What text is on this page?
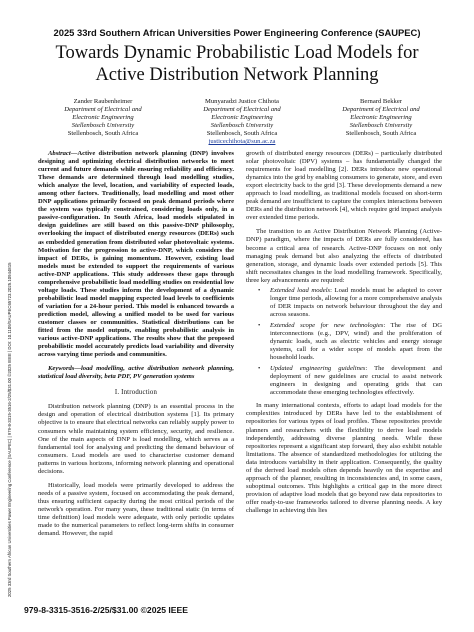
2025 33rd Southern African Universities Power Engineering Conference (SAUPEC) | 979-8-3315-3516-2/25/$31.00 ©2025 IEEE | DOI: 10.1109/SAUPEC65723.2025.10944815
2025 33rd Southern African Universities Power Engineering Conference (SAUPEC)
Towards Dynamic Probabilistic Load Models for
Active Distribution Network Planning
Zander Raubenheimer
Department of Electrical and
Electronic Engineering
Stellenbosch University
Stellenbosch, South Africa
Munyaradzi Justice Chihota
Department of Electrical and
Electronic Engineering
Stellenbosch University
Stellenbosch, South Africa
justicechihota@sun.ac.za
Bernard Bekker
Department of Electrical and
Electronic Engineering
Stellenbosch University
Stellenbosch, South Africa

Abstract—Active distribution network planning (DNP) involves designing and optimizing electrical distribution networks to meet current and future demands while ensuring reliability and efficiency. These demands are determined through load modelling studies, which analyze the level, location, and variability of expected loads, among other factors. Traditionally, load modelling and most other DNP applications primarily focused on peak demand periods where the system was typically constrained, considering loads only, in a passive-configuration. In South Africa, load models stipulated in design guidelines are still based on this passive-DNP philosophy, overlooking the impact of distributed energy resources (DERs) such as embedded generation from distributed solar photovoltaic systems. Motivation for the progression to active-DNP, which considers the impact of DERs, is gaining momentum. However, existing load models must be extended to support the requirements of various active-DNP applications. This study addresses these gaps through comprehensive probabilistic load modelling studies on residential low voltage loads. These studies inform the development of a dynamic probabilistic load model mapping expected load levels to coefficients of variation for a 24-hour period. This model is enhanced towards a prediction model, allowing a unified model to be used for various customer classes or communities. Statistical distributions can be fitted from the model outputs, enabling probabilistic analysis in various active-DNP applications. The results show that the proposed probabilistic model accurately predicts load variability and diversity across varying time periods and communities.

Keywords—load modelling, active distribution network planning, statistical load diversity, beta PDF, PV generation systems

I. Introduction

Distribution network planning (DNP) is an essential process in the design and operation of electrical distribution systems [1]. Its primary objective is to ensure that electrical networks can reliably supply power to consumers while maintaining system efficiency, security, and resilience. One of the main aspects of DNP is load modelling, which serves as a fundamental tool for analysing and predicting the demand behaviour of consumers. Load models are used to characterise customer demand patterns in various horizons, informing network planning and operational decisions.

Historically, load models were primarily developed to address the needs of a passive system, focused on accommodating the peak demand, thus ensuring sufficient capacity during the most critical periods of the network's operation. For many years, these traditional static (in terms of time definition) load models were adequate, with only periodic updates made to the numerical parameters to reflect long-term shifts in consumer demand. However, the rapid

growth of distributed energy resources (DERs) – particularly distributed solar photovoltaic (DPV) systems – has fundamentally changed the requirements for load modelling [2]. DERs introduce new operational dynamics into the grid by enabling consumers to generate, store, and even export electricity back to the grid [3]. These developments demand a new approach to load modelling, as traditional models focused on short-term peak demand are insufficient to capture the complex interactions between DERs and the distribution network [4], which require grid impact analysis over extended time periods.

The transition to an Active Distribution Network Planning (Active-DNP) paradigm, where the impacts of DERs are fully considered, has become a critical area of research. Active-DNP focuses on not only managing peak demand but also analyzing the effects of distributed generation, storage, and dynamic loads over extended periods [5]. This shift necessitates changes in the load modelling framework. Specifically, three key advancements are required:

• Extended load models: Load models must be adapted to cover longer time periods, allowing for a more comprehensive analysis of DER impacts on network behaviour throughout the day and across seasons.
• Extended scope for new technologies: The rise of DG interconnections (e.g., DPV, wind) and the proliferation of dynamic loads, such as electric vehicles and energy storage systems, call for a wider scope of models apart from the household loads.
• Updated engineering guidelines: The development and deployment of new guidelines are crucial to assist network engineers in designing and operating grids that can accommodate these emerging technologies effectively.

In many international contexts, efforts to adapt load models for the complexities introduced by DERs have led to the establishment of repositories for various types of load profiles. These repositories provide planners and researchers with the flexibility to derive load models independently, addressing diverse planning needs. While these repositories represent a significant step forward, they also exhibit notable limitations. The absence of standardized methodologies for utilizing the data introduces variability in their application. Consequently, the quality of the derived load models often depends heavily on the expertise and approach of the planner, resulting in inconsistencies and, in some cases, suboptimal outcomes. This highlights a critical gap in the more direct provision of adaptive load models that go beyond raw data repositories to offer ready-to-use frameworks tailored to diverse planning needs. A key challenge in achieving this lies

979-8-3315-3516-2/25/$31.00 ©2025 IEEE
